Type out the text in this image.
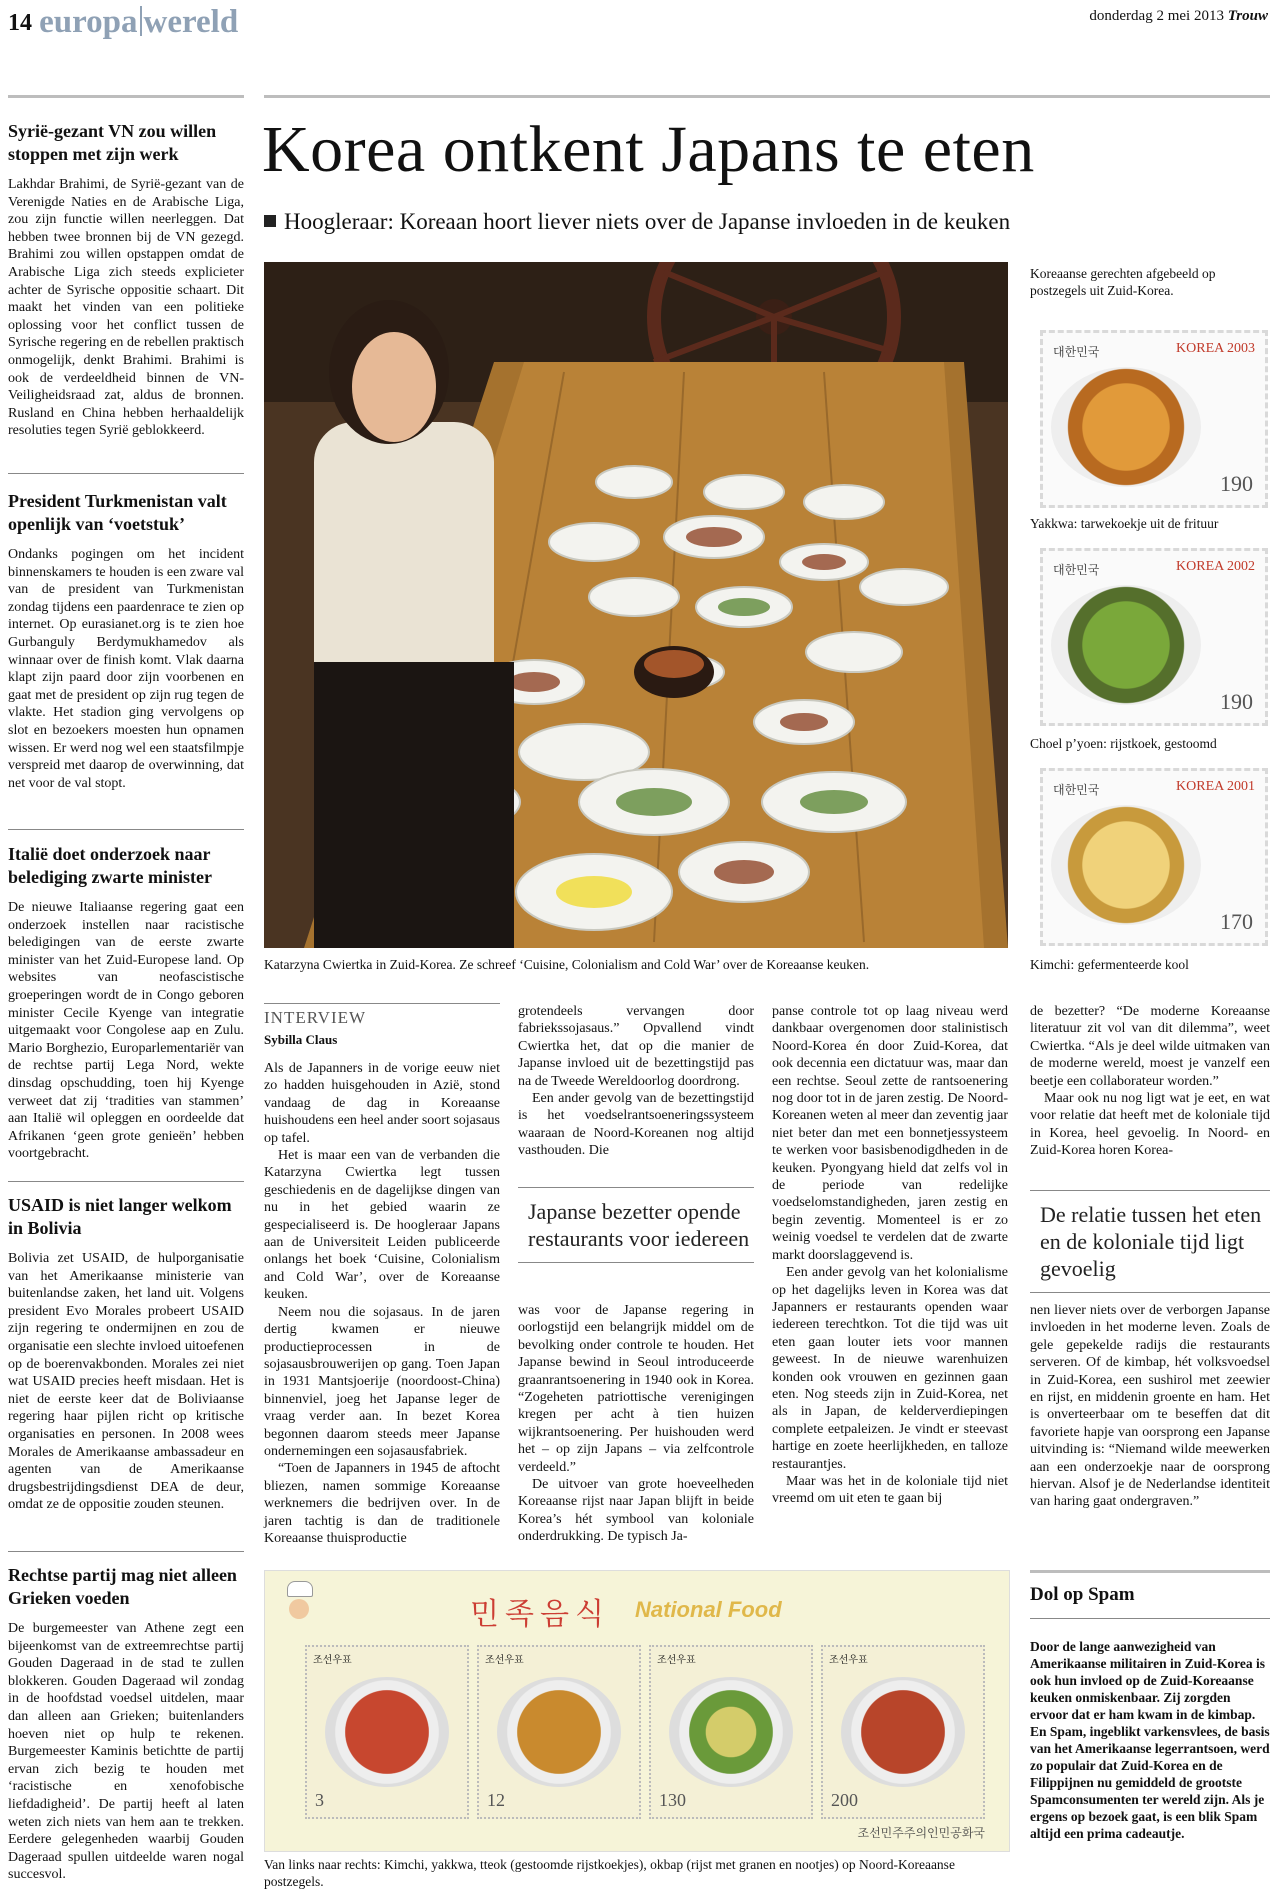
14 europa wereld	donderdag 2 mei 2013 Trouw
Syrië-gezant VN zou willen stoppen met zijn werk
Lakhdar Brahimi, de Syrië-gezant van de Verenigde Naties en de Arabische Liga, zou zijn functie willen neerleggen. Dat hebben twee bronnen bij de VN gezegd. Brahimi zou willen opstappen omdat de Arabische Liga zich steeds explicieter achter de Syrische oppositie schaart. Dit maakt het vinden van een politieke oplossing voor het conflict tussen de Syrische regering en de rebellen praktisch onmogelijk, denkt Brahimi. Brahimi is ook de verdeeldheid binnen de VN-Veiligheidsraad zat, aldus de bronnen. Rusland en China hebben herhaaldelijk resoluties tegen Syrië geblokkeerd.
President Turkmenistan valt openlijk van ‘voetstuk’
Ondanks pogingen om het incident binnenskamers te houden is een zware val van de president van Turkmenistan zondag tijdens een paardenrace te zien op internet. Op eurasianet.org is te zien hoe Gurbanguly Berdymukhamedov als winnaar over de finish komt. Vlak daarna klapt zijn paard door zijn voorbenen en gaat met de president op zijn rug tegen de vlakte. Het stadion ging vervolgens op slot en bezoekers moesten hun opnamen wissen. Er werd nog wel een staatsfilmpje verspreid met daarop de overwinning, dat net voor de val stopt.
Italië doet onderzoek naar belediging zwarte minister
De nieuwe Italiaanse regering gaat een onderzoek instellen naar racistische beledigingen van de eerste zwarte minister van het Zuid-Europese land. Op websites van neofascistische groeperingen wordt de in Congo geboren minister Cecile Kyenge van integratie uitgemaakt voor Congolese aap en Zulu. Mario Borghezio, Europarlementariër van de rechtse partij Lega Nord, wekte dinsdag opschudding, toen hij Kyenge verweet dat zij ‘tradities van stammen’ aan Italië wil opleggen en oordeelde dat Afrikanen ‘geen grote genieën’ hebben voortgebracht.
USAID is niet langer welkom in Bolivia
Bolivia zet USAID, de hulporganisatie van het Amerikaanse ministerie van buitenlandse zaken, het land uit. Volgens president Evo Morales probeert USAID zijn regering te ondermijnen en zou de organisatie een slechte invloed uitoefenen op de boerenvakbonden. Morales zei niet wat USAID precies heeft misdaan. Het is niet de eerste keer dat de Boliviaanse regering haar pijlen richt op kritische organisaties en personen. In 2008 wees Morales de Amerikaanse ambassadeur en agenten van de Amerikaanse drugsbestrijdingsdienst DEA de deur, omdat ze de oppositie zouden steunen.
Rechtse partij mag niet alleen Grieken voeden
De burgemeester van Athene zegt een bijeenkomst van de extreemrechtse partij Gouden Dageraad in de stad te zullen blokkeren. Gouden Dageraad wil zondag in de hoofdstad voedsel uitdelen, maar dan alleen aan Grieken; buitenlanders hoeven niet op hulp te rekenen. Burgemeester Kaminis betichtte de partij ervan zich bezig te houden met ‘racistische en xenofobische liefdadigheid’. De partij heeft al laten weten zich niets van hem aan te trekken. Eerdere gelegenheden waarbij Gouden Dageraad spullen uitdeelde waren nogal succesvol.
Korea ontkent Japans te eten
Hoogleraar: Koreaan hoort liever niets over de Japanse invloeden in de keuken
Katarzyna Cwiertka in Zuid-Korea. Ze schreef ‘Cuisine, Colonialism and Cold War’ over de Koreaanse keuken.
Koreaanse gerechten afgebeeld op postzegels uit Zuid-Korea.
대한민국	KOREA 2003
190
Yakkwa: tarwekoekje uit de frituur
대한민국	KOREA 2002
190
Choel p’yoen: rijstkoek, gestoomd
대한민국	KOREA 2001
170
Kimchi: gefermenteerde kool
INTERVIEW
Sybilla Claus

Als de Japanners in de vorige eeuw niet zo hadden huisgehouden in Azië, stond vandaag de dag in Koreaanse huishoudens een heel ander soort sojasaus op tafel.

Het is maar een van de verbanden die Katarzyna Cwiertka legt tussen geschiedenis en de dagelijkse dingen van nu in het gebied waarin ze gespecialiseerd is. De hoogleraar Japans aan de Universiteit Leiden publiceerde onlangs het boek ‘Cuisine, Colonialism and Cold War’, over de Koreaanse keuken.

Neem nou die sojasaus. In de jaren dertig kwamen er nieuwe productieprocessen in de sojasausbrouwerijen op gang. Toen Japan in 1931 Mantsjoerije (noordoost-China) binnenviel, joeg het Japanse leger de vraag verder aan. In bezet Korea begonnen daarom steeds meer Japanse ondernemingen een sojasausfabriek.

“Toen de Japanners in 1945 de aftocht bliezen, namen sommige Koreaanse werknemers die bedrijven over. In de jaren tachtig is dan de traditionele Koreaanse thuisproductie

grotendeels vervangen door fabriekssojasaus.” Opvallend vindt Cwiertka het, dat op die manier de Japanse invloed uit de bezettingstijd pas na de Tweede Wereldoorlog doordrong.

Een ander gevolg van de bezettingstijd is het voedselrantsoeneringssysteem waaraan de Noord-Koreanen nog altijd vasthouden. Die

Japanse bezetter opende restaurants voor iedereen

was voor de Japanse regering in oorlogstijd een belangrijk middel om de bevolking onder controle te houden. Het Japanse bewind in Seoul introduceerde graanrantsoenering in 1940 ook in Korea. “Zogeheten patriottische verenigingen kregen per acht à tien huizen wijkrantsoenering. Per huishouden werd het – op zijn Japans – via zelfcontrole verdeeld.”

De uitvoer van grote hoeveelheden Koreaanse rijst naar Japan blijft in beide Korea’s hét symbool van koloniale onderdrukking. De typisch Ja-

panse controle tot op laag niveau werd dankbaar overgenomen door stalinistisch Noord-Korea én door Zuid-Korea, dat ook decennia een dictatuur was, maar dan een rechtse. Seoul zette de rantsoenering nog door tot in de jaren zestig. De Noord-Koreanen weten al meer dan zeventig jaar niet beter dan met een bonnetjessysteem te werken voor basisbenodigdheden in de keuken. Pyongyang hield dat zelfs vol in de periode van redelijke voedselomstandigheden, jaren zestig en begin zeventig. Momenteel is er zo weinig voedsel te verdelen dat de zwarte markt doorslaggevend is.

Een ander gevolg van het kolonialisme op het dagelijks leven in Korea was dat Japanners er restaurants openden waar iedereen terechtkon. Tot die tijd was uit eten gaan louter iets voor mannen geweest. In de nieuwe warenhuizen konden ook vrouwen en gezinnen gaan eten. Nog steeds zijn in Zuid-Korea, net als in Japan, de kelderverdiepingen complete eetpaleizen. Je vindt er steevast hartige en zoete heerlijkheden, en talloze restaurantjes.

Maar was het in de koloniale tijd niet vreemd om uit eten te gaan bij

de bezetter? “De moderne Koreaanse literatuur zit vol van dit dilemma”, weet Cwiertka. “Als je deel wilde uitmaken van de moderne wereld, moest je vanzelf een beetje een collaborateur worden.”

Maar ook nu nog ligt wat je eet, en wat voor relatie dat heeft met de koloniale tijd in Korea, heel gevoelig. In Noord- en Zuid-Korea horen Korea-

De relatie tussen het eten en de koloniale tijd ligt gevoelig

nen liever niets over de verborgen Japanse invloeden in het moderne leven. Zoals de gele gepekelde radijs die restaurants serveren. Of de kimbap, hét volksvoedsel in Zuid-Korea, een sushirol met zeewier en rijst, en middenin groente en ham. Het is onverteerbaar om te beseffen dat dit favoriete hapje van oorsprong een Japanse uitvinding is: “Niemand wilde meewerken aan een onderzoekje naar de oorsprong hiervan. Alsof je de Nederlandse identiteit van haring gaat ondergraven.”

민족음식 National Food
조선우표
3
조선우표
12
조선우표
130
조선우표
200
조선민주주의인민공화국
Van links naar rechts: Kimchi, yakkwa, tteok (gestoomde rijstkoekjes), okbap (rijst met granen en nootjes) op Noord-Koreaanse postzegels.
Dol op Spam
Door de lange aanwezigheid van Amerikaanse militairen in Zuid-Korea is ook hun invloed op de Zuid-Koreaanse keuken onmiskenbaar. Zij zorgden ervoor dat er ham kwam in de kimbap. En Spam, ingeblikt varkensvlees, de basis van het Amerikaanse legerrantsoen, werd zo populair dat Zuid-Korea en de Filippijnen nu gemiddeld de grootste Spamconsumenten ter wereld zijn. Als je ergens op bezoek gaat, is een blik Spam altijd een prima cadeautje.
